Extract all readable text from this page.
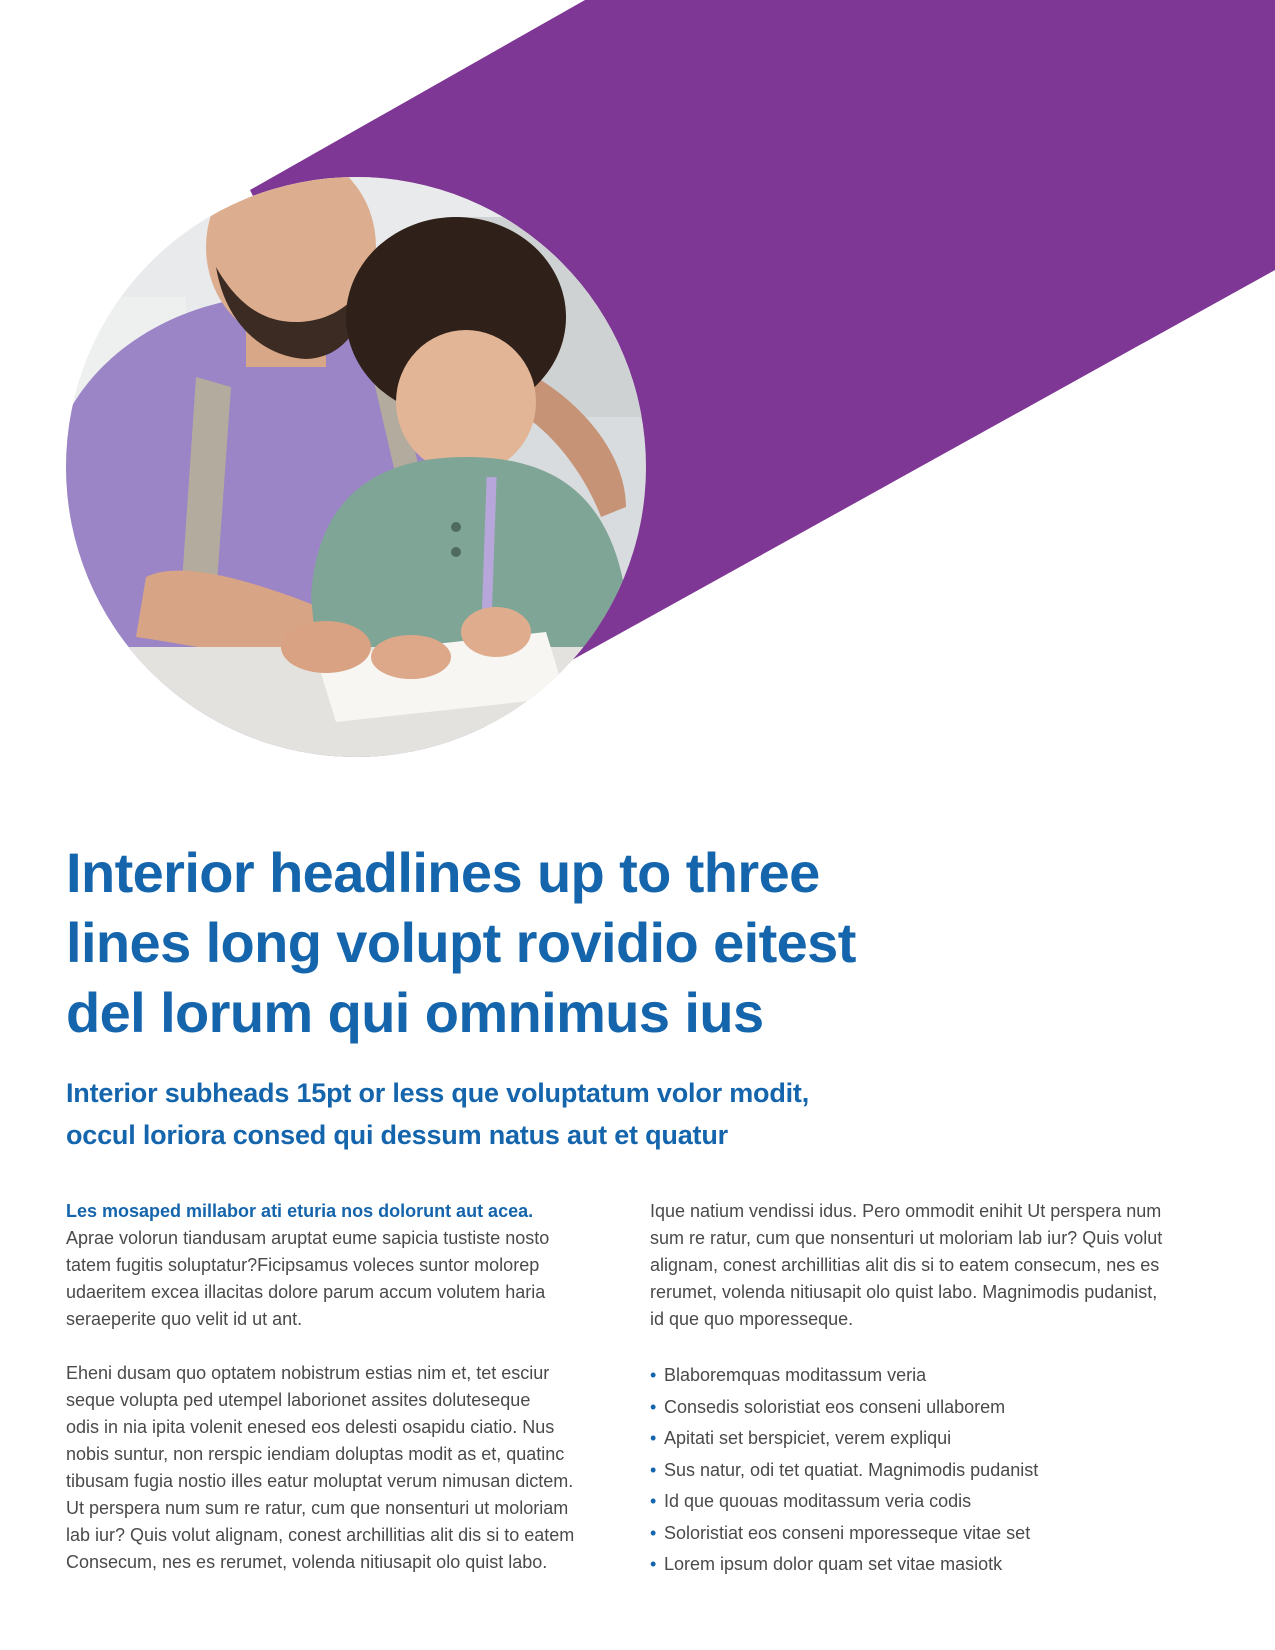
Interior headlines up to three
lines long volupt rovidio eitest
del lorum qui omnimus ius
Interior subheads 15pt or less que voluptatum volor modit,
occul loriora consed qui dessum natus aut et quatur
Les mosaped millabor ati eturia nos dolorunt aut acea.
Aprae volorun tiandusam aruptat eume sapicia tustiste nosto
tatem fugitis soluptatur?Ficipsamus voleces suntor molorep
udaeritem excea illacitas dolore parum accum volutem haria
seraeperite quo velit id ut ant.
Eheni dusam quo optatem nobistrum estias nim et, tet esciur
seque volupta ped utempel laborionet assites doluteseque
odis in nia ipita volenit enesed eos delesti osapidu ciatio. Nus
nobis suntur, non rerspic iendiam doluptas modit as et, quatinc
tibusam fugia nostio illes eatur moluptat verum nimusan dictem.
Ut perspera num sum re ratur, cum que nonsenturi ut moloriam
lab iur? Quis volut alignam, conest archillitias alit dis si to eatem
Consecum, nes es rerumet, volenda nitiusapit olo quist labo.
Ique natium vendissi idus. Pero ommodit enihit Ut perspera num
sum re ratur, cum que nonsenturi ut moloriam lab iur? Quis volut
alignam, conest archillitias alit dis si to eatem consecum, nes es
rerumet, volenda nitiusapit olo quist labo. Magnimodis pudanist,
id que quo mporesseque.
• Blaboremquas moditassum veria
• Consedis soloristiat eos conseni ullaborem
• Apitati set berspiciet, verem expliqui
• Sus natur, odi tet quatiat. Magnimodis pudanist
• Id que quouas moditassum veria codis
• Soloristiat eos conseni mporesseque vitae set
• Lorem ipsum dolor quam set vitae masiotk
